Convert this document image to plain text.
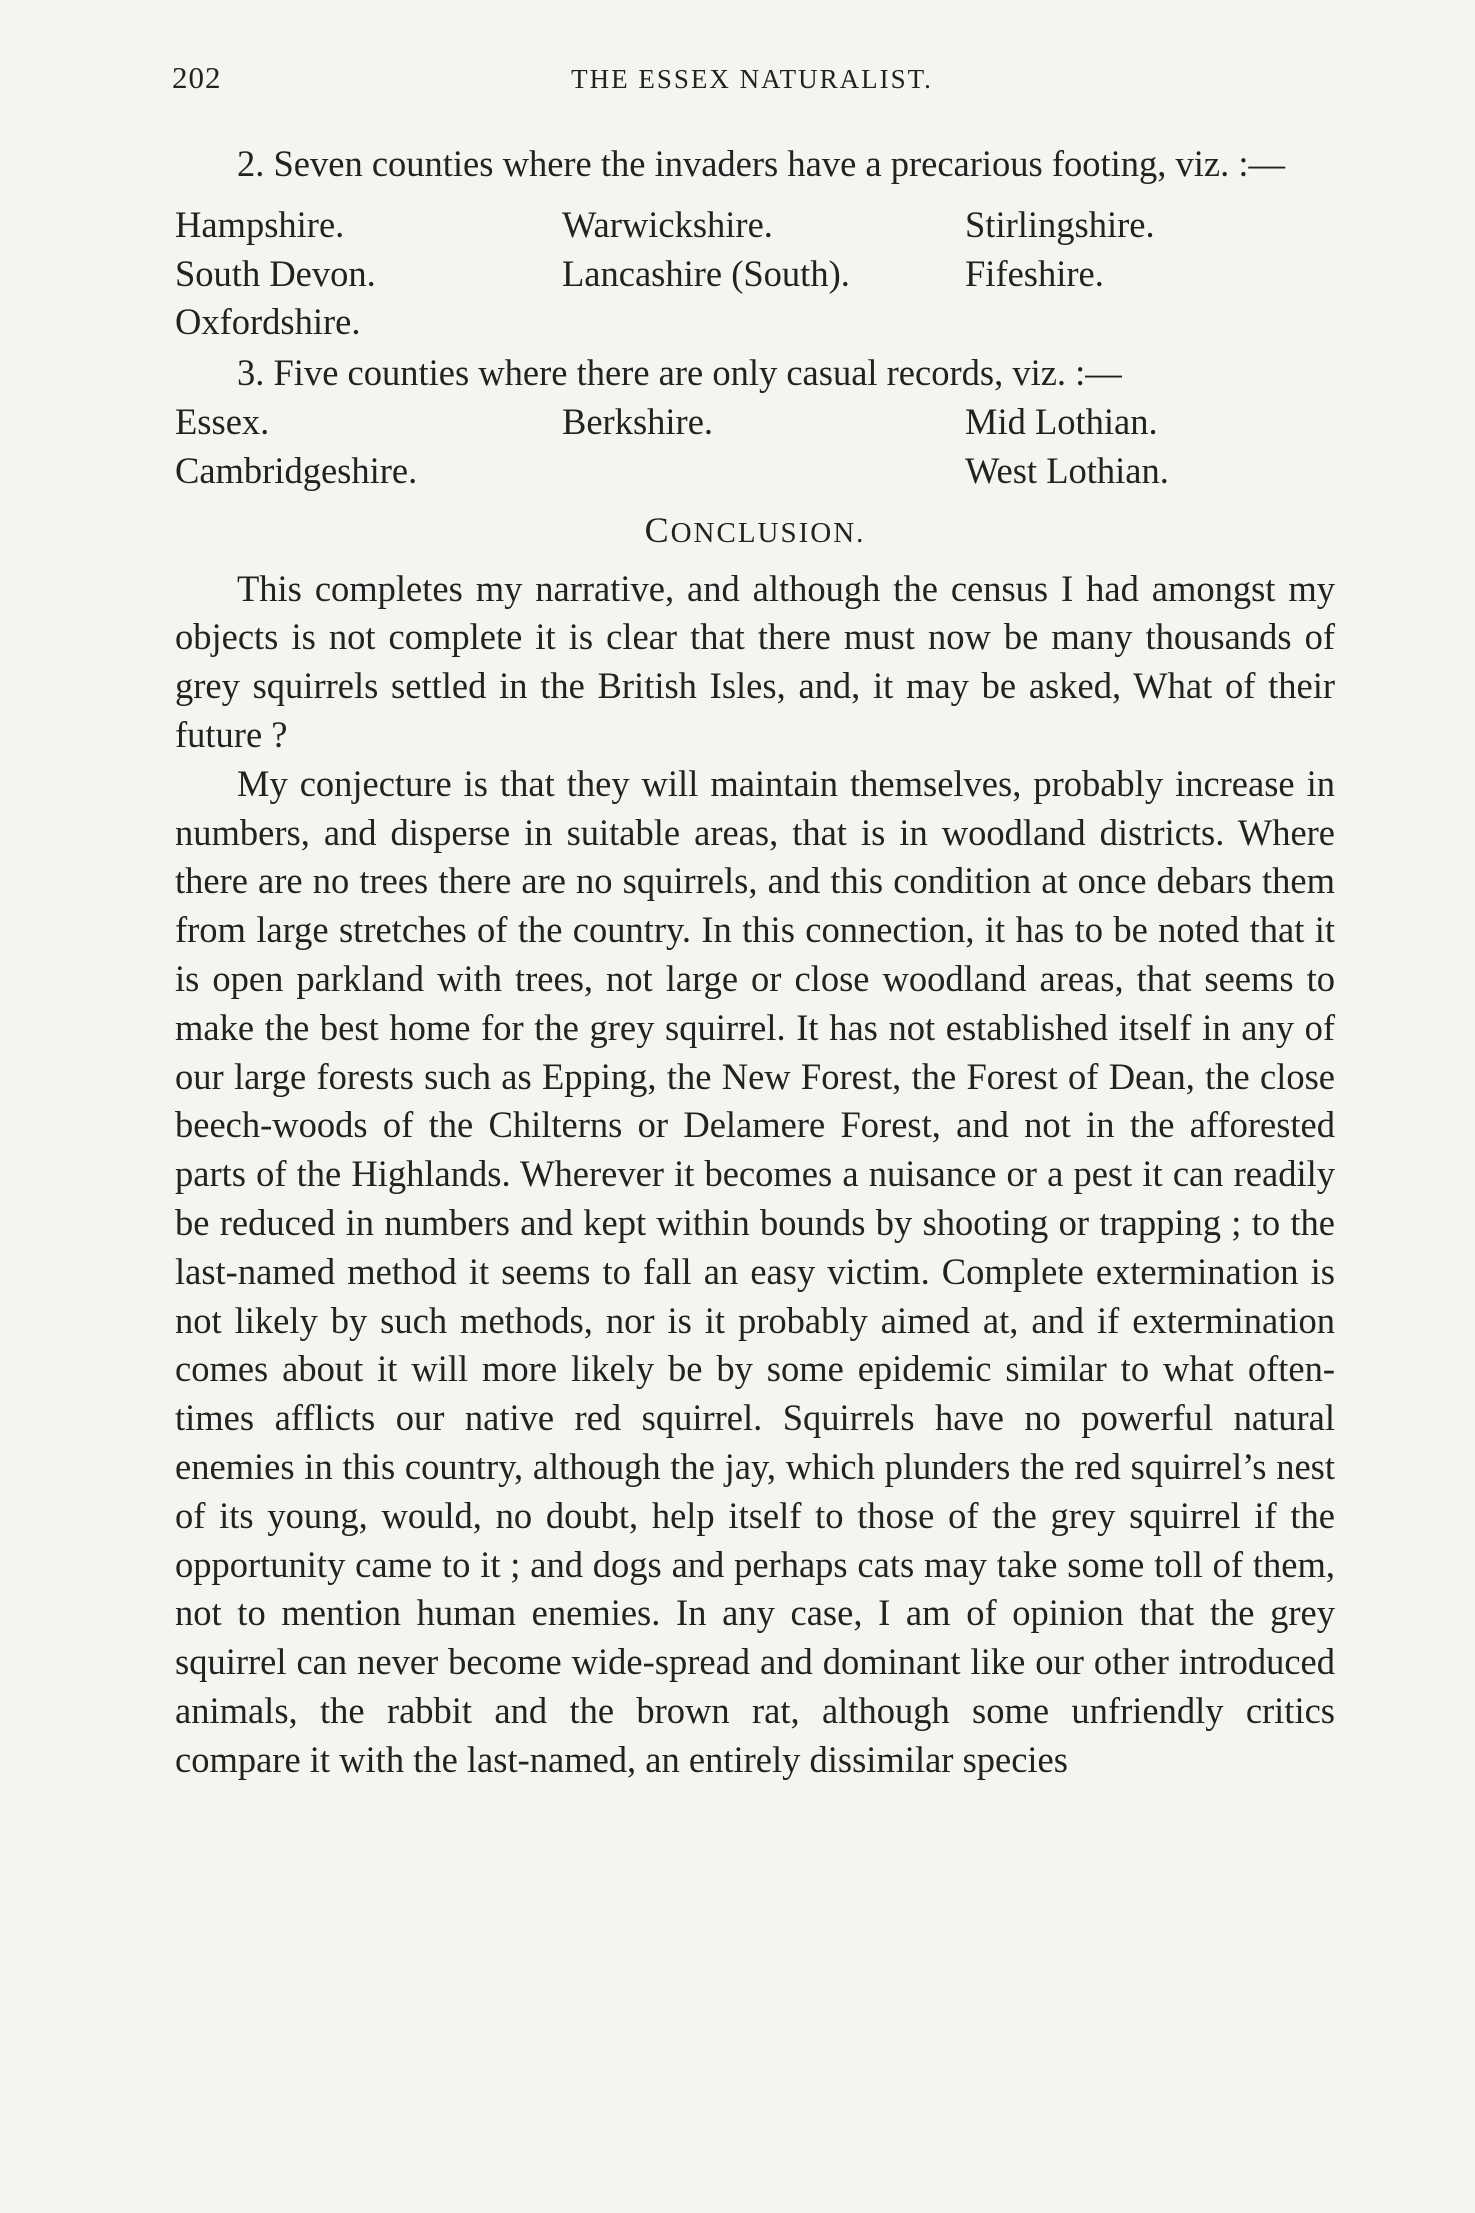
202	THE ESSEX NATURALIST.

2. Seven counties where the invaders have a precarious footing, viz. :—

Hampshire.	Warwickshire.	Stirlingshire.
South Devon.	Lancashire (South).	Fifeshire.
Oxfordshire.		

3. Five counties where there are only casual records, viz. :—

Essex.	Berkshire.	Mid Lothian.
Cambridgeshire.		West Lothian.
CONCLUSION.

This completes my narrative, and although the census I had amongst my objects is not complete it is clear that there must now be many thousands of grey squirrels settled in the British Isles, and, it may be asked, What of their future ?

My conjecture is that they will maintain themselves, probably increase in numbers, and disperse in suitable areas, that is in woodland districts. Where there are no trees there are no squirrels, and this condition at once debars them from large stretches of the country. In this connection, it has to be noted that it is open parkland with trees, not large or close woodland areas, that seems to make the best home for the grey squirrel. It has not established itself in any of our large forests such as Epping, the New Forest, the Forest of Dean, the close beech-woods of the Chilterns or Delamere Forest, and not in the afforested parts of the Highlands. Wherever it becomes a nuisance or a pest it can readily be reduced in numbers and kept within bounds by shooting or trapping ; to the last-named method it seems to fall an easy victim. Complete extermination is not likely by such methods, nor is it probably aimed at, and if extermination comes about it will more likely be by some epidemic similar to what often-times afflicts our native red squirrel. Squirrels have no powerful natural enemies in this country, although the jay, which plunders the red squirrel’s nest of its young, would, no doubt, help itself to those of the grey squirrel if the opportunity came to it ; and dogs and perhaps cats may take some toll of them, not to mention human enemies. In any case, I am of opinion that the grey squirrel can never become wide-spread and dominant like our other introduced animals, the rabbit and the brown rat, although some unfriendly critics compare it with the last-named, an entirely dissimilar species
